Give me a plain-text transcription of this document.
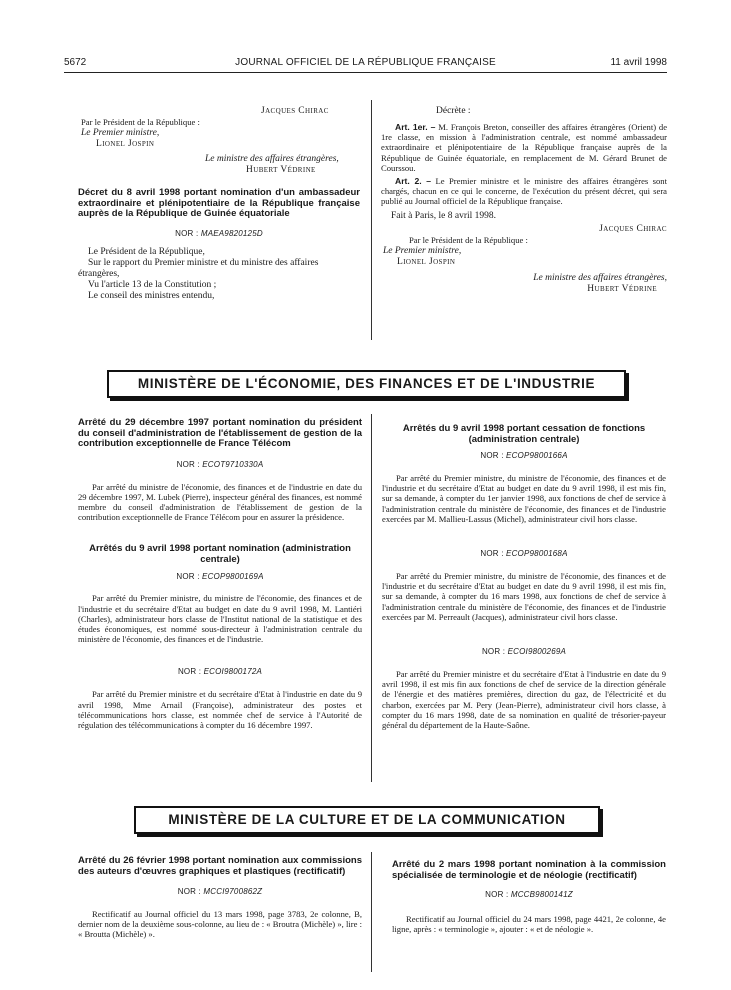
5672	JOURNAL OFFICIEL DE LA RÉPUBLIQUE FRANÇAISE	11 avril 1998

Jacques Chirac

Par le Président de la République :

Le Premier ministre,

Lionel Jospin

Le ministre des affaires étrangères,

Hubert Védrine

Décret du 8 avril 1998 portant nomination d'un ambassadeur extraordinaire et plénipotentiaire de la République française auprès de la République de Guinée équatoriale

NOR : MAEA9820125D

Le Président de la République,

Sur le rapport du Premier ministre et du ministre des affaires étrangères,

Vu l'article 13 de la Constitution ;

Le conseil des ministres entendu,

Décrète :

Art. 1er. – M. François Breton, conseiller des affaires étrangères (Orient) de 1re classe, en mission à l'administration centrale, est nommé ambassadeur extraordinaire et plénipotentiaire de la République française auprès de la République de Guinée équatoriale, en remplacement de M. Gérard Brunet de Courssou.

Art. 2. – Le Premier ministre et le ministre des affaires étrangères sont chargés, chacun en ce qui le concerne, de l'exécution du présent décret, qui sera publié au Journal officiel de la République française.

Fait à Paris, le 8 avril 1998.

Jacques Chirac

Par le Président de la République :

Le Premier ministre,

Lionel Jospin

Le ministre des affaires étrangères,

Hubert Védrine

MINISTÈRE DE L'ÉCONOMIE, DES FINANCES ET DE L'INDUSTRIE

Arrêté du 29 décembre 1997 portant nomination du président du conseil d'administration de l'établissement de gestion de la contribution exceptionnelle de France Télécom

NOR : ECOT9710330A

Par arrêté du ministre de l'économie, des finances et de l'industrie en date du 29 décembre 1997, M. Lubek (Pierre), inspecteur général des finances, est nommé membre du conseil d'administration de l'établissement de gestion de la contribution exceptionnelle de France Télécom pour en assurer la présidence.

Arrêtés du 9 avril 1998 portant nomination (administration centrale)

NOR : ECOP9800169A

Par arrêté du Premier ministre, du ministre de l'économie, des finances et de l'industrie et du secrétaire d'Etat au budget en date du 9 avril 1998, M. Lantiéri (Charles), administrateur hors classe de l'Institut national de la statistique et des études économiques, est nommé sous-directeur à l'administration centrale du ministère de l'économie, des finances et de l'industrie.

NOR : ECOI9800172A

Par arrêté du Premier ministre et du secrétaire d'Etat à l'industrie en date du 9 avril 1998, Mme Arnail (Françoise), administrateur des postes et télécommunications hors classe, est nommée chef de service à l'Autorité de régulation des télécommunications à compter du 16 décembre 1997.

Arrêtés du 9 avril 1998 portant cessation de fonctions (administration centrale)

NOR : ECOP9800166A

Par arrêté du Premier ministre, du ministre de l'économie, des finances et de l'industrie et du secrétaire d'Etat au budget en date du 9 avril 1998, il est mis fin, sur sa demande, à compter du 1er janvier 1998, aux fonctions de chef de service à l'administration centrale du ministère de l'économie, des finances et de l'industrie exercées par M. Mallieu-Lassus (Michel), administrateur civil hors classe.

NOR : ECOP9800168A

Par arrêté du Premier ministre, du ministre de l'économie, des finances et de l'industrie et du secrétaire d'Etat au budget en date du 9 avril 1998, il est mis fin, sur sa demande, à compter du 16 mars 1998, aux fonctions de chef de service à l'administration centrale du ministère de l'économie, des finances et de l'industrie exercées par M. Perreault (Jacques), administrateur civil hors classe.

NOR : ECOI9800269A

Par arrêté du Premier ministre et du secrétaire d'Etat à l'industrie en date du 9 avril 1998, il est mis fin aux fonctions de chef de service de la direction générale de l'énergie et des matières premières, direction du gaz, de l'électricité et du charbon, exercées par M. Pery (Jean-Pierre), administrateur civil hors classe, à compter du 16 mars 1998, date de sa nomination en qualité de trésorier-payeur général du département de la Haute-Saône.

MINISTÈRE DE LA CULTURE ET DE LA COMMUNICATION

Arrêté du 26 février 1998 portant nomination aux commissions des auteurs d'œuvres graphiques et plastiques (rectificatif)

NOR : MCCI9700862Z

Rectificatif au Journal officiel du 13 mars 1998, page 3783, 2e colonne, B, dernier nom de la deuxième sous-colonne, au lieu de : « Broutra (Michèle) », lire : « Broutta (Michèle) ».

Arrêté du 2 mars 1998 portant nomination à la commission spécialisée de terminologie et de néologie (rectificatif)

NOR : MCCB9800141Z

Rectificatif au Journal officiel du 24 mars 1998, page 4421, 2e colonne, 4e ligne, après : « terminologie », ajouter : « et de néologie ».
